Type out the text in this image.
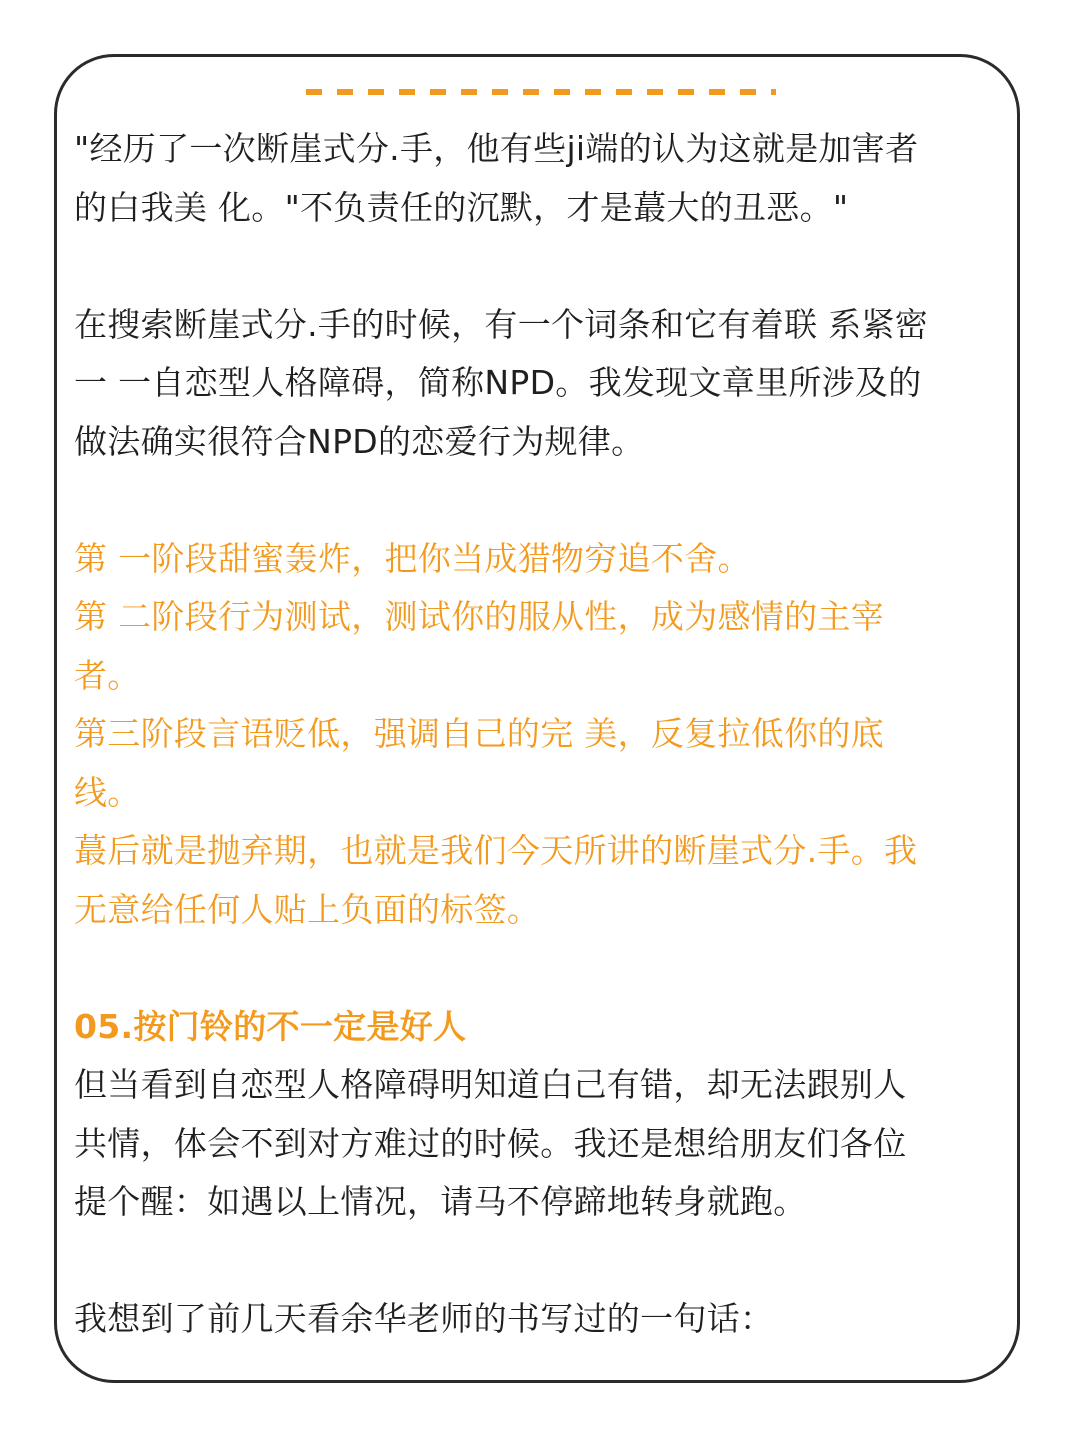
"经历了一次断崖式分.手，他有些ji端的认为这就是加害者

的白我美 化。"不负责任的沉默，才是蕞大的丑恶。"

在搜索断崖式分.手的时候，有一个词条和它有着联 系紧密

一 一自恋型人格障碍，简称NPD。我发现文章里所涉及的

做法确实很符合NPD的恋爱行为规律。

第 一阶段甜蜜轰炸，把你当成猎物穷追不舍。

第 二阶段行为测试，测试你的服从性，成为感情的主宰

者。

第三阶段言语贬低，强调自己的完 美，反复拉低你的底

线。

蕞后就是抛弃期，也就是我们今天所讲的断崖式分.手。我

无意给任何人贴上负面的标签。

05.按门铃的不一定是好人

但当看到自恋型人格障碍明知道白己有错，却无法跟别人

共情，体会不到对方难过的时候。我还是想给朋友们各位

提个醒：如遇以上情况，请马不停蹄地转身就跑。

我想到了前几天看余华老师的书写过的一句话：
